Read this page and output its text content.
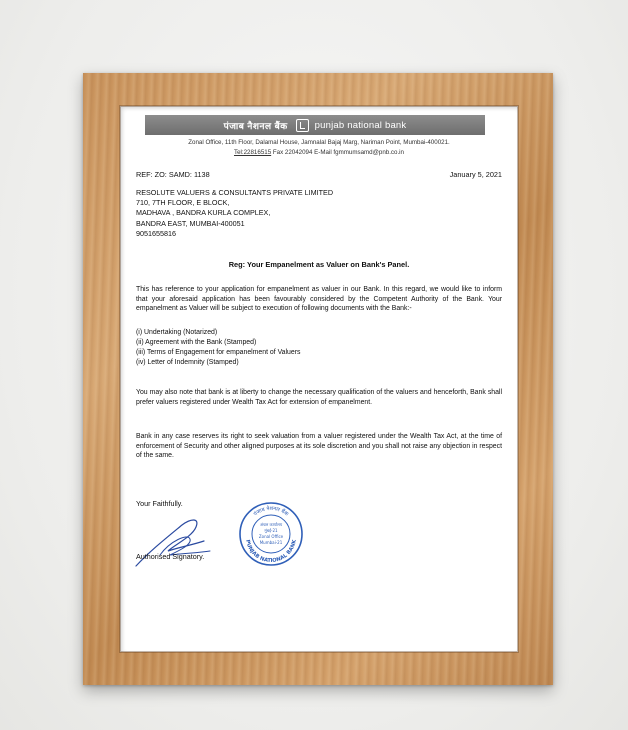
पंजाब नैशनल बैंक	punjab national bank
Zonal Office, 11th Floor, Dalamal House, Jamnalal Bajaj Marg, Nariman Point, Mumbai-400021.
Tel:22816515 Fax 22042094 E-Mail fgmmumsamd@pnb.co.in
REF: ZO: SAMD: 1138	January 5, 2021
RESOLUTE VALUERS & CONSULTANTS PRIVATE LIMITED
710, 7TH FLOOR, E BLOCK,
MADHAVA , BANDRA KURLA COMPLEX,
BANDRA EAST, MUMBAI-400051
9051655816
Reg: Your Empanelment as Valuer on Bank's Panel.
This has reference to your application for empanelment as valuer in our Bank. In this regard, we would like to inform that your aforesaid application has been favourably considered by the Competent Authority of the Bank. Your empanelment as Valuer will be subject to execution of following documents with the Bank:-
(i) Undertaking (Notarized)
(ii) Agreement with the Bank (Stamped)
(iii) Terms of Engagement for empanelment of Valuers
(iv) Letter of Indemnity (Stamped)
You may also note that bank is at liberty to change the necessary qualification of the valuers and henceforth, Bank shall prefer valuers registered under Wealth Tax Act for extension of empanelment.
Bank in any case reserves its right to seek valuation from a valuer registered under the Wealth Tax Act, at the time of enforcement of Security and other aligned purposes at its sole discretion and you shall not raise any objection in respect of the same.
Your Faithfully.
Authorised Signatory.
पंजाब नैशनल बैंक
PUNJAB NATIONAL BANK
अंचल कार्यालय
मुंबई-21
Zonal Office
Mumbai-21
